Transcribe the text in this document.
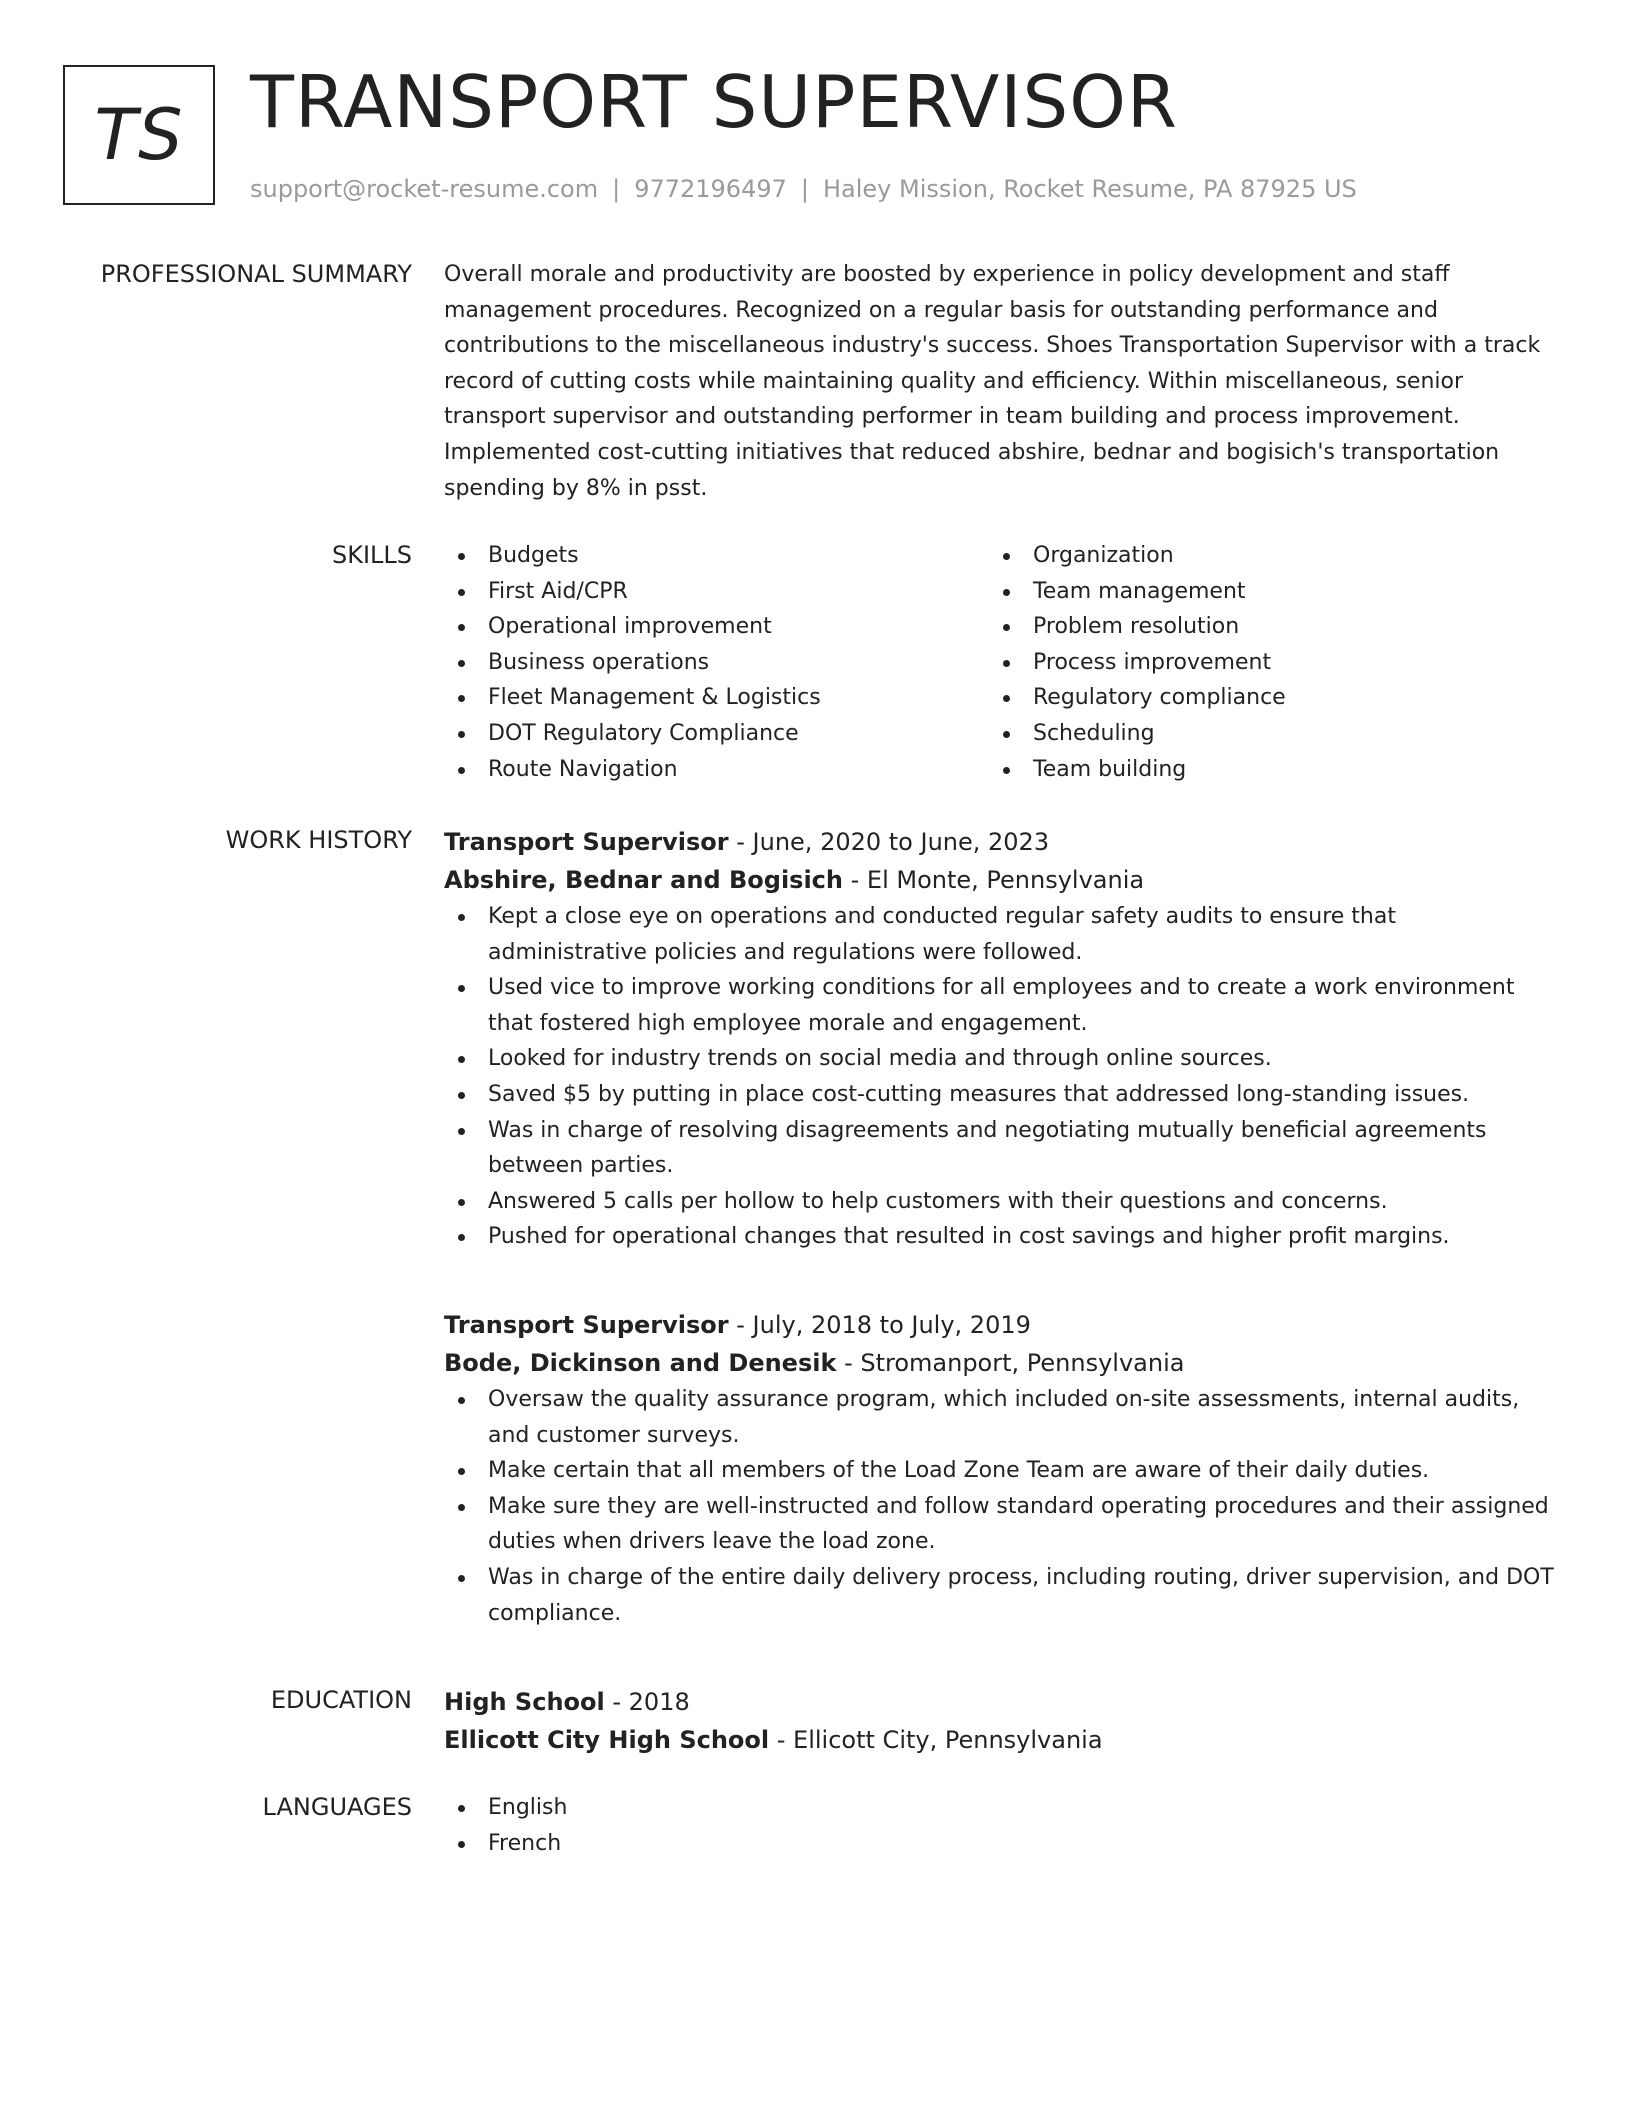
TS TRANSPORT SUPERVISOR
support@rocket-resume.com | 9772196497 | Haley Mission, Rocket Resume, PA 87925 US
PROFESSIONAL SUMMARY Overall morale and productivity are boosted by experience in policy development and staff management procedures. Recognized on a regular basis for outstanding performance and contributions to the miscellaneous industry's success. Shoes Transportation Supervisor with a track record of cutting costs while maintaining quality and efficiency. Within miscellaneous, senior transport supervisor and outstanding performer in team building and process improvement. Implemented cost-cutting initiatives that reduced abshire, bednar and bogisich's transportation spending by 8% in psst.

SKILLS	Budgets
First Aid/CPR
Operational improvement
Business operations
Fleet Management & Logistics
DOT Regulatory Compliance
Route Navigation
Organization
Team management
Problem resolution
Process improvement
Regulatory compliance
Scheduling
Team building
WORK HISTORY Transport Supervisor - June, 2020 to June, 2023
Abshire, Bednar and Bogisich - El Monte, Pennsylvania
Kept a close eye on operations and conducted regular safety audits to ensure that administrative policies and regulations were followed.
Used vice to improve working conditions for all employees and to create a work environment that fostered high employee morale and engagement.
Looked for industry trends on social media and through online sources.
Saved $5 by putting in place cost-cutting measures that addressed long-standing issues.
Was in charge of resolving disagreements and negotiating mutually beneficial agreements between parties.
Answered 5 calls per hollow to help customers with their questions and concerns.
Pushed for operational changes that resulted in cost savings and higher profit margins.
Transport Supervisor - July, 2018 to July, 2019
Bode, Dickinson and Denesik - Stromanport, Pennsylvania
Oversaw the quality assurance program, which included on-site assessments, internal audits, and customer surveys.
Make certain that all members of the Load Zone Team are aware of their daily duties.
Make sure they are well-instructed and follow standard operating procedures and their assigned duties when drivers leave the load zone.
Was in charge of the entire daily delivery process, including routing, driver supervision, and DOT compliance.
EDUCATION High School - 2018
Ellicott City High School - Ellicott City, Pennsylvania
LANGUAGES	English
French
